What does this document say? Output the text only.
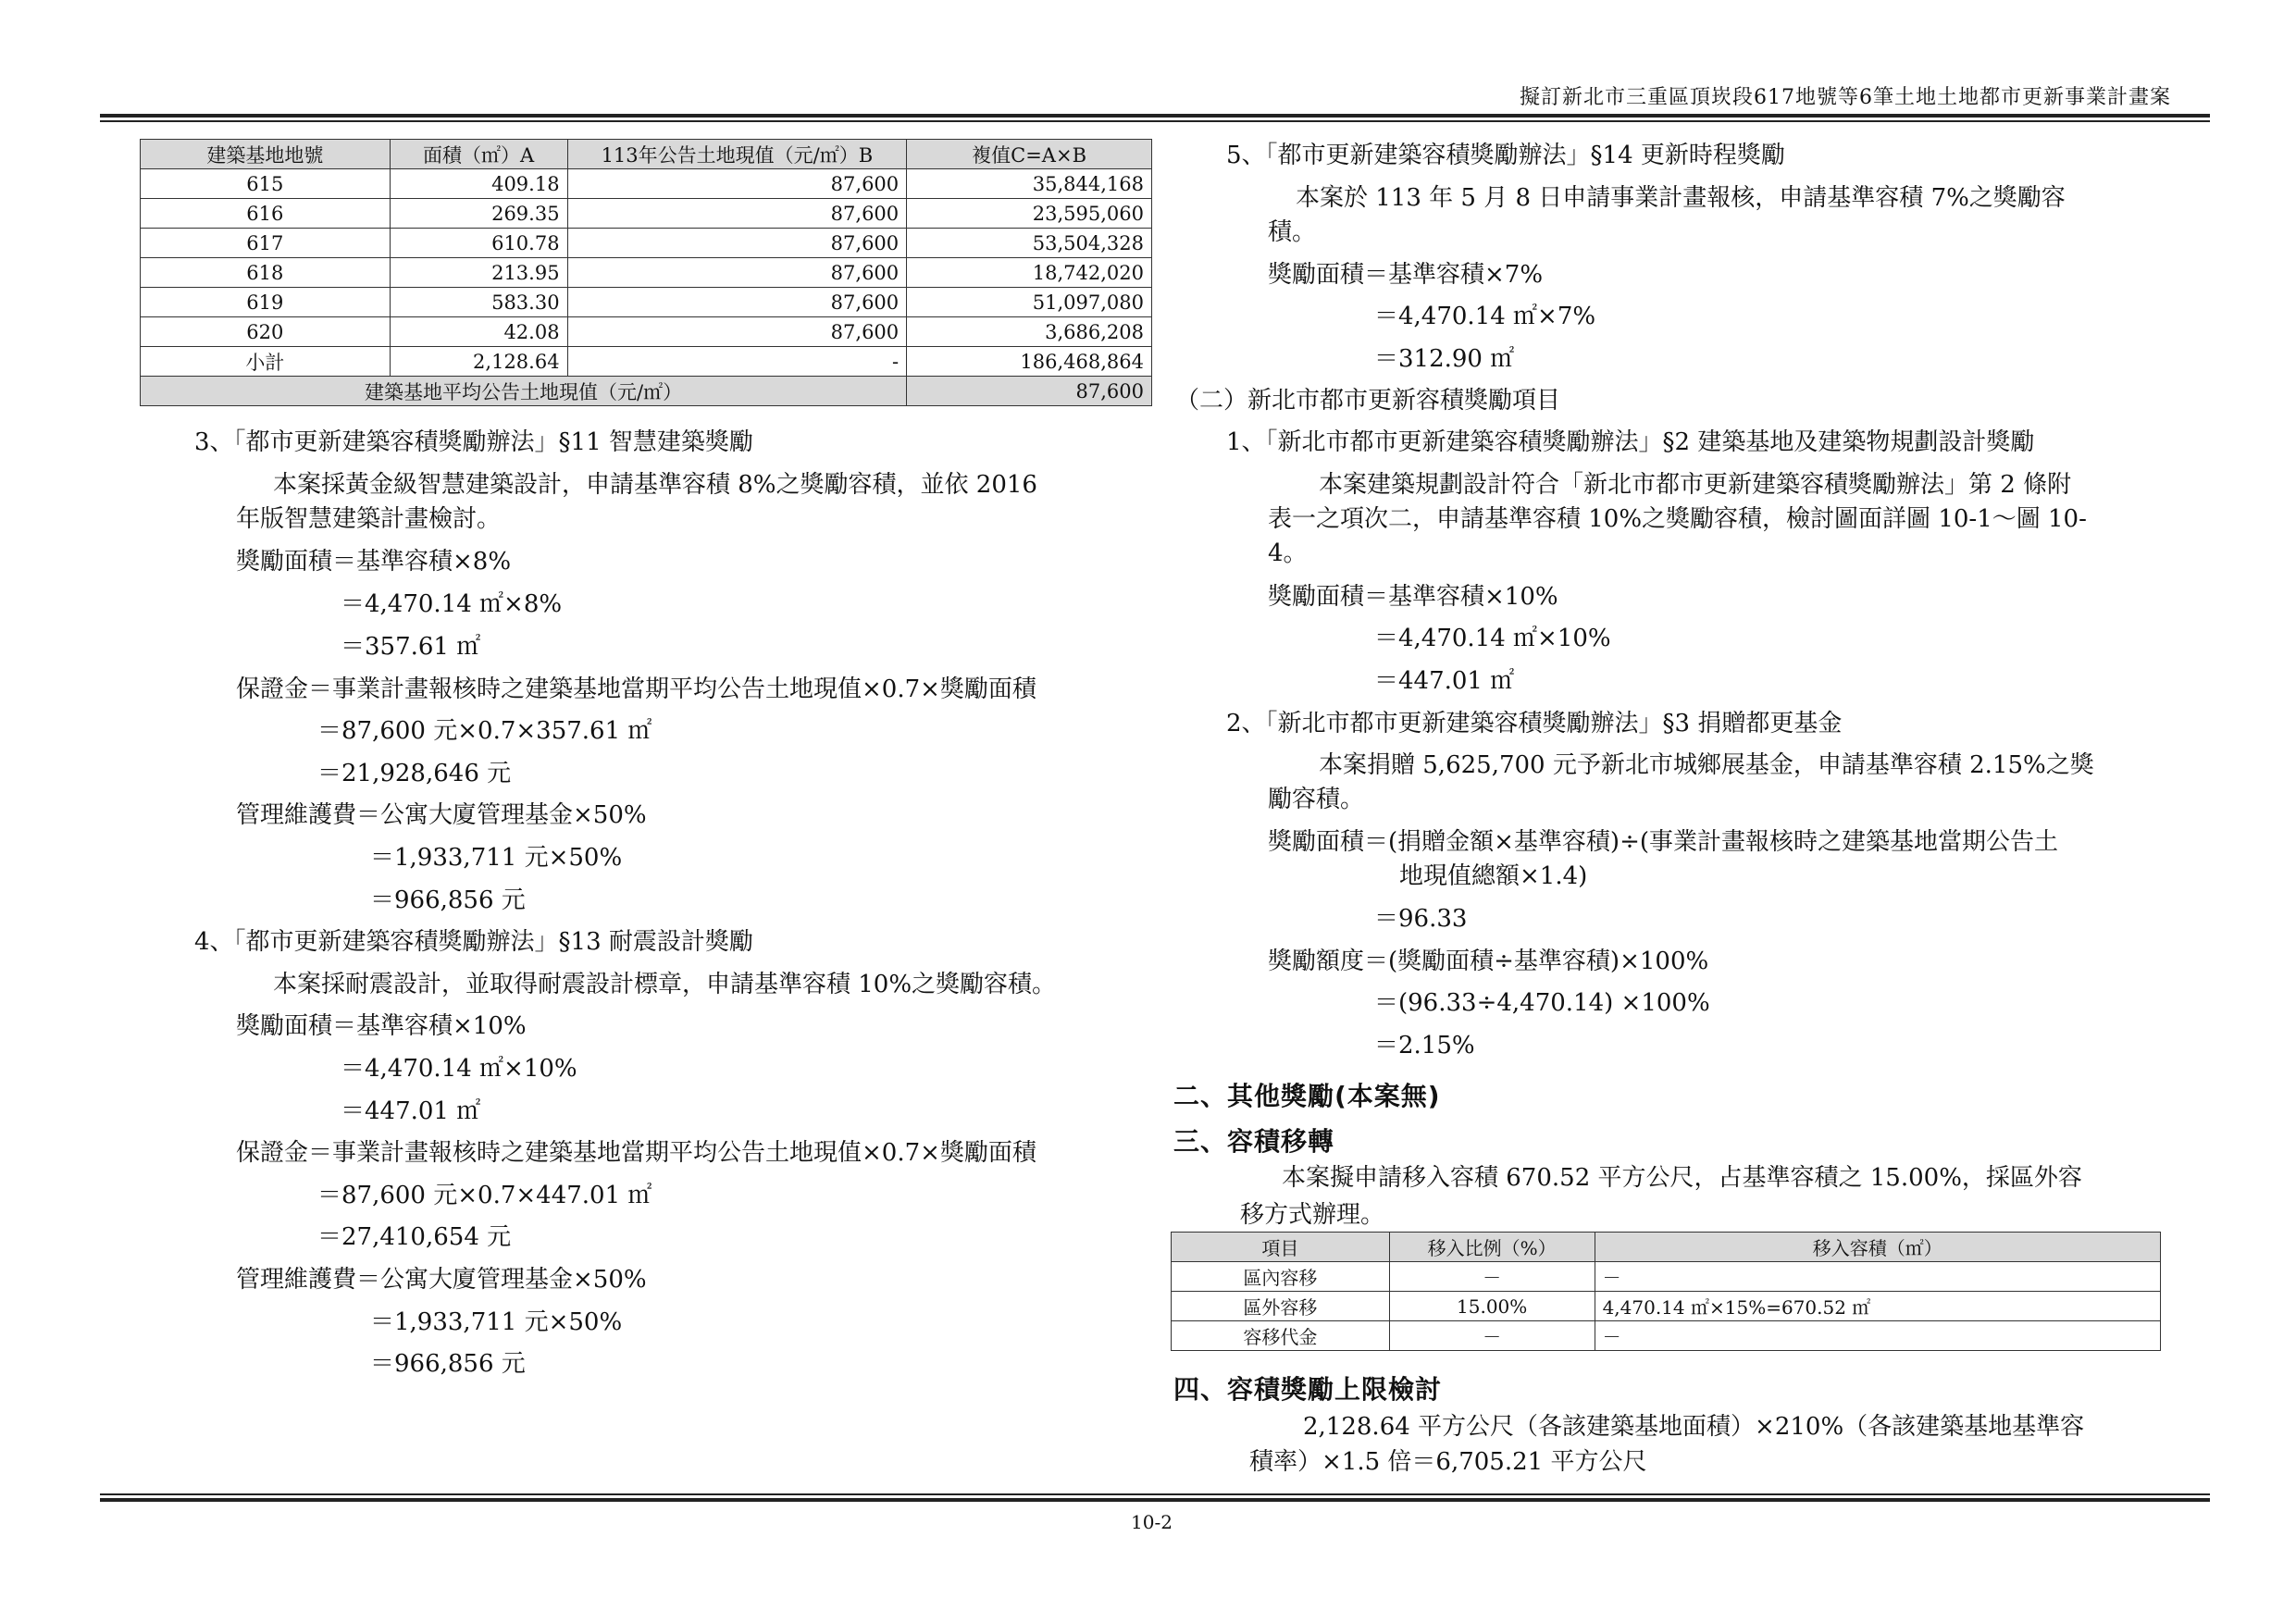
擬訂新北市三重區頂崁段617地號等6筆土地土地都市更新事業計畫案
建築基地地號	面積（㎡）A	113年公告土地現值（元/㎡）B	複值C=A×B
615	409.18	87,600	35,844,168
616	269.35	87,600	23,595,060
617	610.78	87,600	53,504,328
618	213.95	87,600	18,742,020
619	583.30	87,600	51,097,080
620	42.08	87,600	3,686,208
小計	2,128.64	-	186,468,864
建築基地平均公告土地現值（元/㎡）			87,600
3、「都市更新建築容積獎勵辦法」§11 智慧建築獎勵
本案採黃金級智慧建築設計，申請基準容積 8%之獎勵容積，並依 2016
年版智慧建築計畫檢討。
獎勵面積＝基準容積×8%
＝4,470.14 ㎡×8%
＝357.61 ㎡
保證金＝事業計畫報核時之建築基地當期平均公告土地現值×0.7×獎勵面積
＝87,600 元×0.7×357.61 ㎡
＝21,928,646 元
管理維護費＝公寓大廈管理基金×50%
＝1,933,711 元×50%
＝966,856 元
4、「都市更新建築容積獎勵辦法」§13 耐震設計獎勵
本案採耐震設計，並取得耐震設計標章，申請基準容積 10%之獎勵容積。
獎勵面積＝基準容積×10%
＝4,470.14 ㎡×10%
＝447.01 ㎡
保證金＝事業計畫報核時之建築基地當期平均公告土地現值×0.7×獎勵面積
＝87,600 元×0.7×447.01 ㎡
＝27,410,654 元
管理維護費＝公寓大廈管理基金×50%
＝1,933,711 元×50%
＝966,856 元
5、「都市更新建築容積獎勵辦法」§14 更新時程獎勵
本案於 113 年 5 月 8 日申請事業計畫報核，申請基準容積 7%之獎勵容
積。
獎勵面積＝基準容積×7%
＝4,470.14 ㎡×7%
＝312.90 ㎡
（二）新北市都市更新容積獎勵項目
1、「新北市都市更新建築容積獎勵辦法」§2 建築基地及建築物規劃設計獎勵
本案建築規劃設計符合「新北市都市更新建築容積獎勵辦法」第 2 條附
表一之項次二，申請基準容積 10%之獎勵容積，檢討圖面詳圖 10-1～圖 10-
4。
獎勵面積＝基準容積×10%
＝4,470.14 ㎡×10%
＝447.01 ㎡
2、「新北市都市更新建築容積獎勵辦法」§3 捐贈都更基金
本案捐贈 5,625,700 元予新北市城鄉展基金，申請基準容積 2.15%之獎
勵容積。
獎勵面積＝(捐贈金額×基準容積)÷(事業計畫報核時之建築基地當期公告土
地現值總額×1.4)
＝96.33
獎勵額度＝(獎勵面積÷基準容積)×100%
＝(96.33÷4,470.14) ×100%
＝2.15%
二、其他獎勵(本案無)
三、容積移轉
本案擬申請移入容積 670.52 平方公尺，占基準容積之 15.00%，採區外容
移方式辦理。
項目	移入比例（%）	移入容積（㎡）
區內容移	－	－
區外容移	15.00%	4,470.14 ㎡×15%=670.52 ㎡
容移代金	－	－
四、容積獎勵上限檢討
2,128.64 平方公尺（各該建築基地面積）×210%（各該建築基地基準容
積率）×1.5 倍＝6,705.21 平方公尺
10-2
